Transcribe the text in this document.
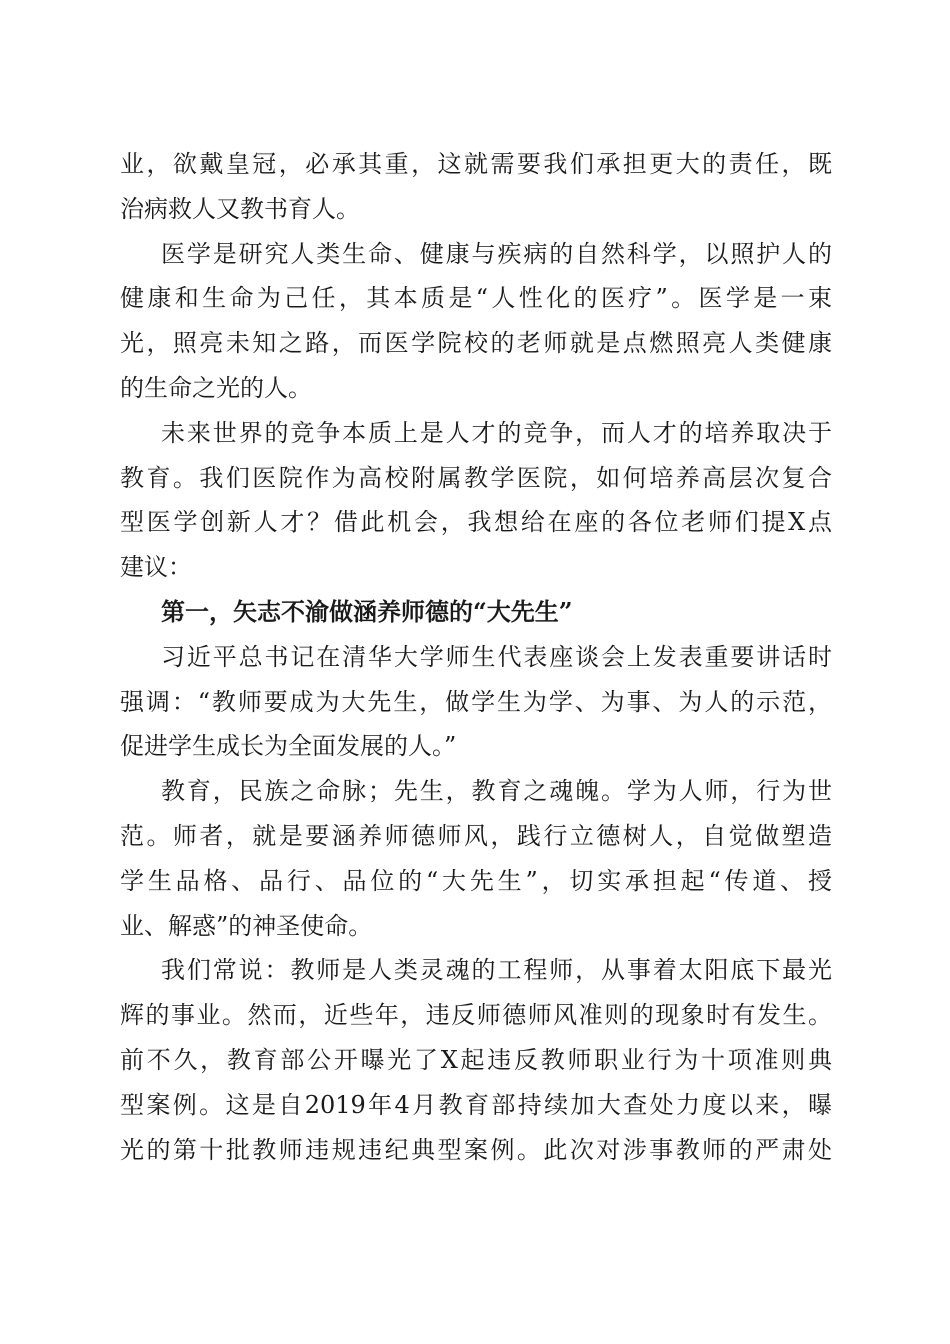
业，欲戴皇冠，必承其重，这就需要我们承担更大的责任，既
治病救人又教书育人。
医学是研究人类生命、健康与疾病的自然科学，以照护人的
健康和生命为己任，其本质是“人性化的医疗”。医学是一束
光，照亮未知之路，而医学院校的老师就是点燃照亮人类健康
的生命之光的人。
未来世界的竞争本质上是人才的竞争，而人才的培养取决于
教育。我们医院作为高校附属教学医院，如何培养高层次复合
型医学创新人才？借此机会，我想给在座的各位老师们提X点
建议：
第一，矢志不渝做涵养师德的“大先生”
习近平总书记在清华大学师生代表座谈会上发表重要讲话时
强调：“教师要成为大先生，做学生为学、为事、为人的示范，
促进学生成长为全面发展的人。”
教育，民族之命脉；先生，教育之魂魄。学为人师，行为世
范。师者，就是要涵养师德师风，践行立德树人，自觉做塑造
学生品格、品行、品位的“大先生”，切实承担起“传道、授
业、解惑”的神圣使命。
我们常说：教师是人类灵魂的工程师，从事着太阳底下最光
辉的事业。然而，近些年，违反师德师风准则的现象时有发生。
前不久，教育部公开曝光了X起违反教师职业行为十项准则典
型案例。这是自2019年4月教育部持续加大查处力度以来，曝
光的第十批教师违规违纪典型案例。此次对涉事教师的严肃处
